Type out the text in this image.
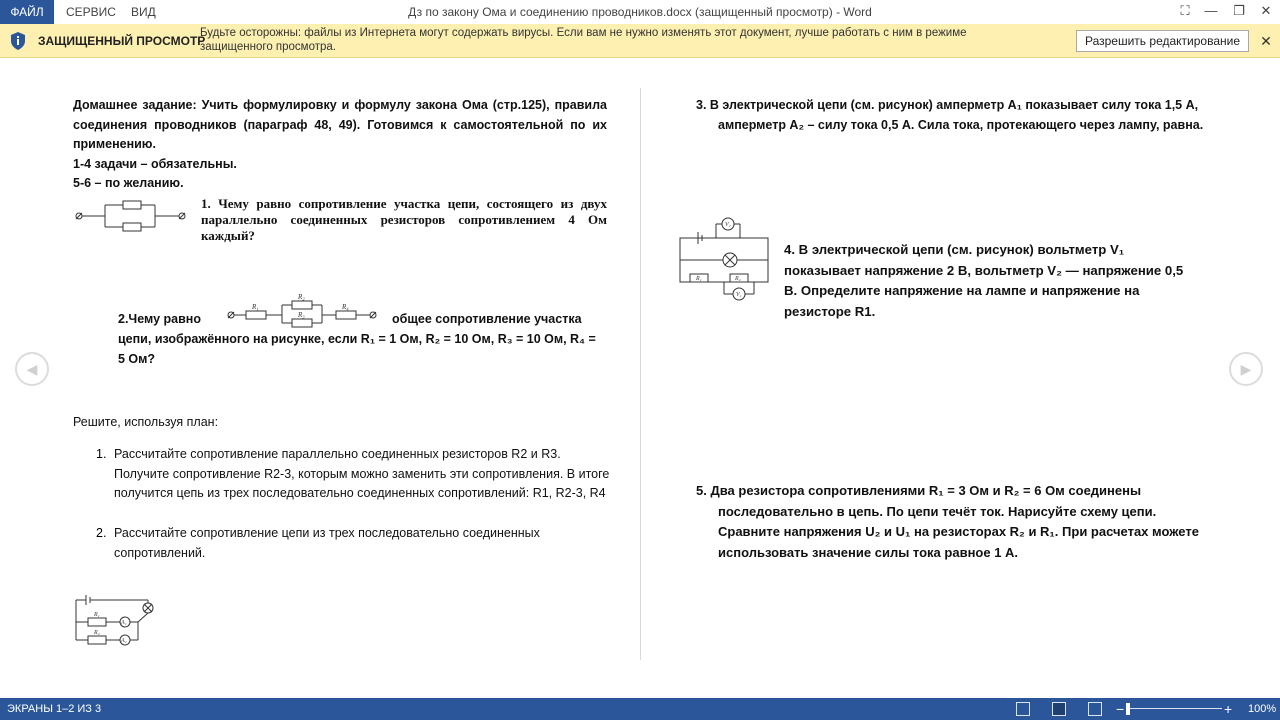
ФАЙЛ	СЕРВИС ВИД	Дз по закону Ома и соединению проводников.docx (защищенный просмотр) - Word	⛶	—	❐	✕
ЗАЩИЩЕННЫЙ ПРОСМОТР
Будьте осторожны: файлы из Интернета могут содержать вирусы. Если вам не нужно изменять этот документ, лучше работать с ним в режиме защищенного просмотра.	Разрешить редактирование	✕
◀	▶
Домашнее задание: Учить формулировку и формулу закона Ома (стр.125), правила соединения проводников (параграф 48, 49). Готовимся к самостоятельной по их применению.
1-4 задачи – обязательны.
5-6 – по желанию.
1. Чему равно сопротивление участка цепи, состоящего из двух параллельно соединенных резисторов сопротивлением 4 Ом каждый?
2.Чему равно
R₁
R₂
R₃
R₄
общее сопротивление участка
цепи, изображённого на рисунке, если R₁ = 1 Ом, R₂ = 10 Ом, R₃ = 10 Ом, R₄ = 5 Ом?
Решите, используя план:
1. Рассчитайте сопротивление параллельно соединенных резисторов R2 и R3. Получите сопротивление R2-3, которым можно заменить эти сопротивления. В итоге получится цепь из трех последовательно соединенных сопротивлений: R1, R2-3, R4
2. Рассчитайте сопротивление цепи из трех последовательно соединенных сопротивлений.
R₁
R₂
A₁
A₂
3. В электрической цепи (см. рисунок) амперметр A₁ показывает силу тока 1,5 А, амперметр A₂ – силу тока 0,5 А. Сила тока, протекающего через лампу, равна.
V₂
R₁	R₂
V₁
4. В электрической цепи (см. рисунок) вольтметр V₁ показывает напряжение 2 В, вольтметр V₂ — напряжение 0,5 В. Определите напряжение на лампе и напряжение на резисторе R1.
5. Два резистора сопротивлениями R₁ = 3 Ом и R₂ = 6 Ом соединены последовательно в цепь. По цепи течёт ток. Нарисуйте схему цепи. Сравните напряжения U₂ и U₁ на резисторах R₂ и R₁. При расчетах можете использовать значение силы тока равное 1 А.
ЭКРАНЫ 1–2 ИЗ 3	−	+ 100%
